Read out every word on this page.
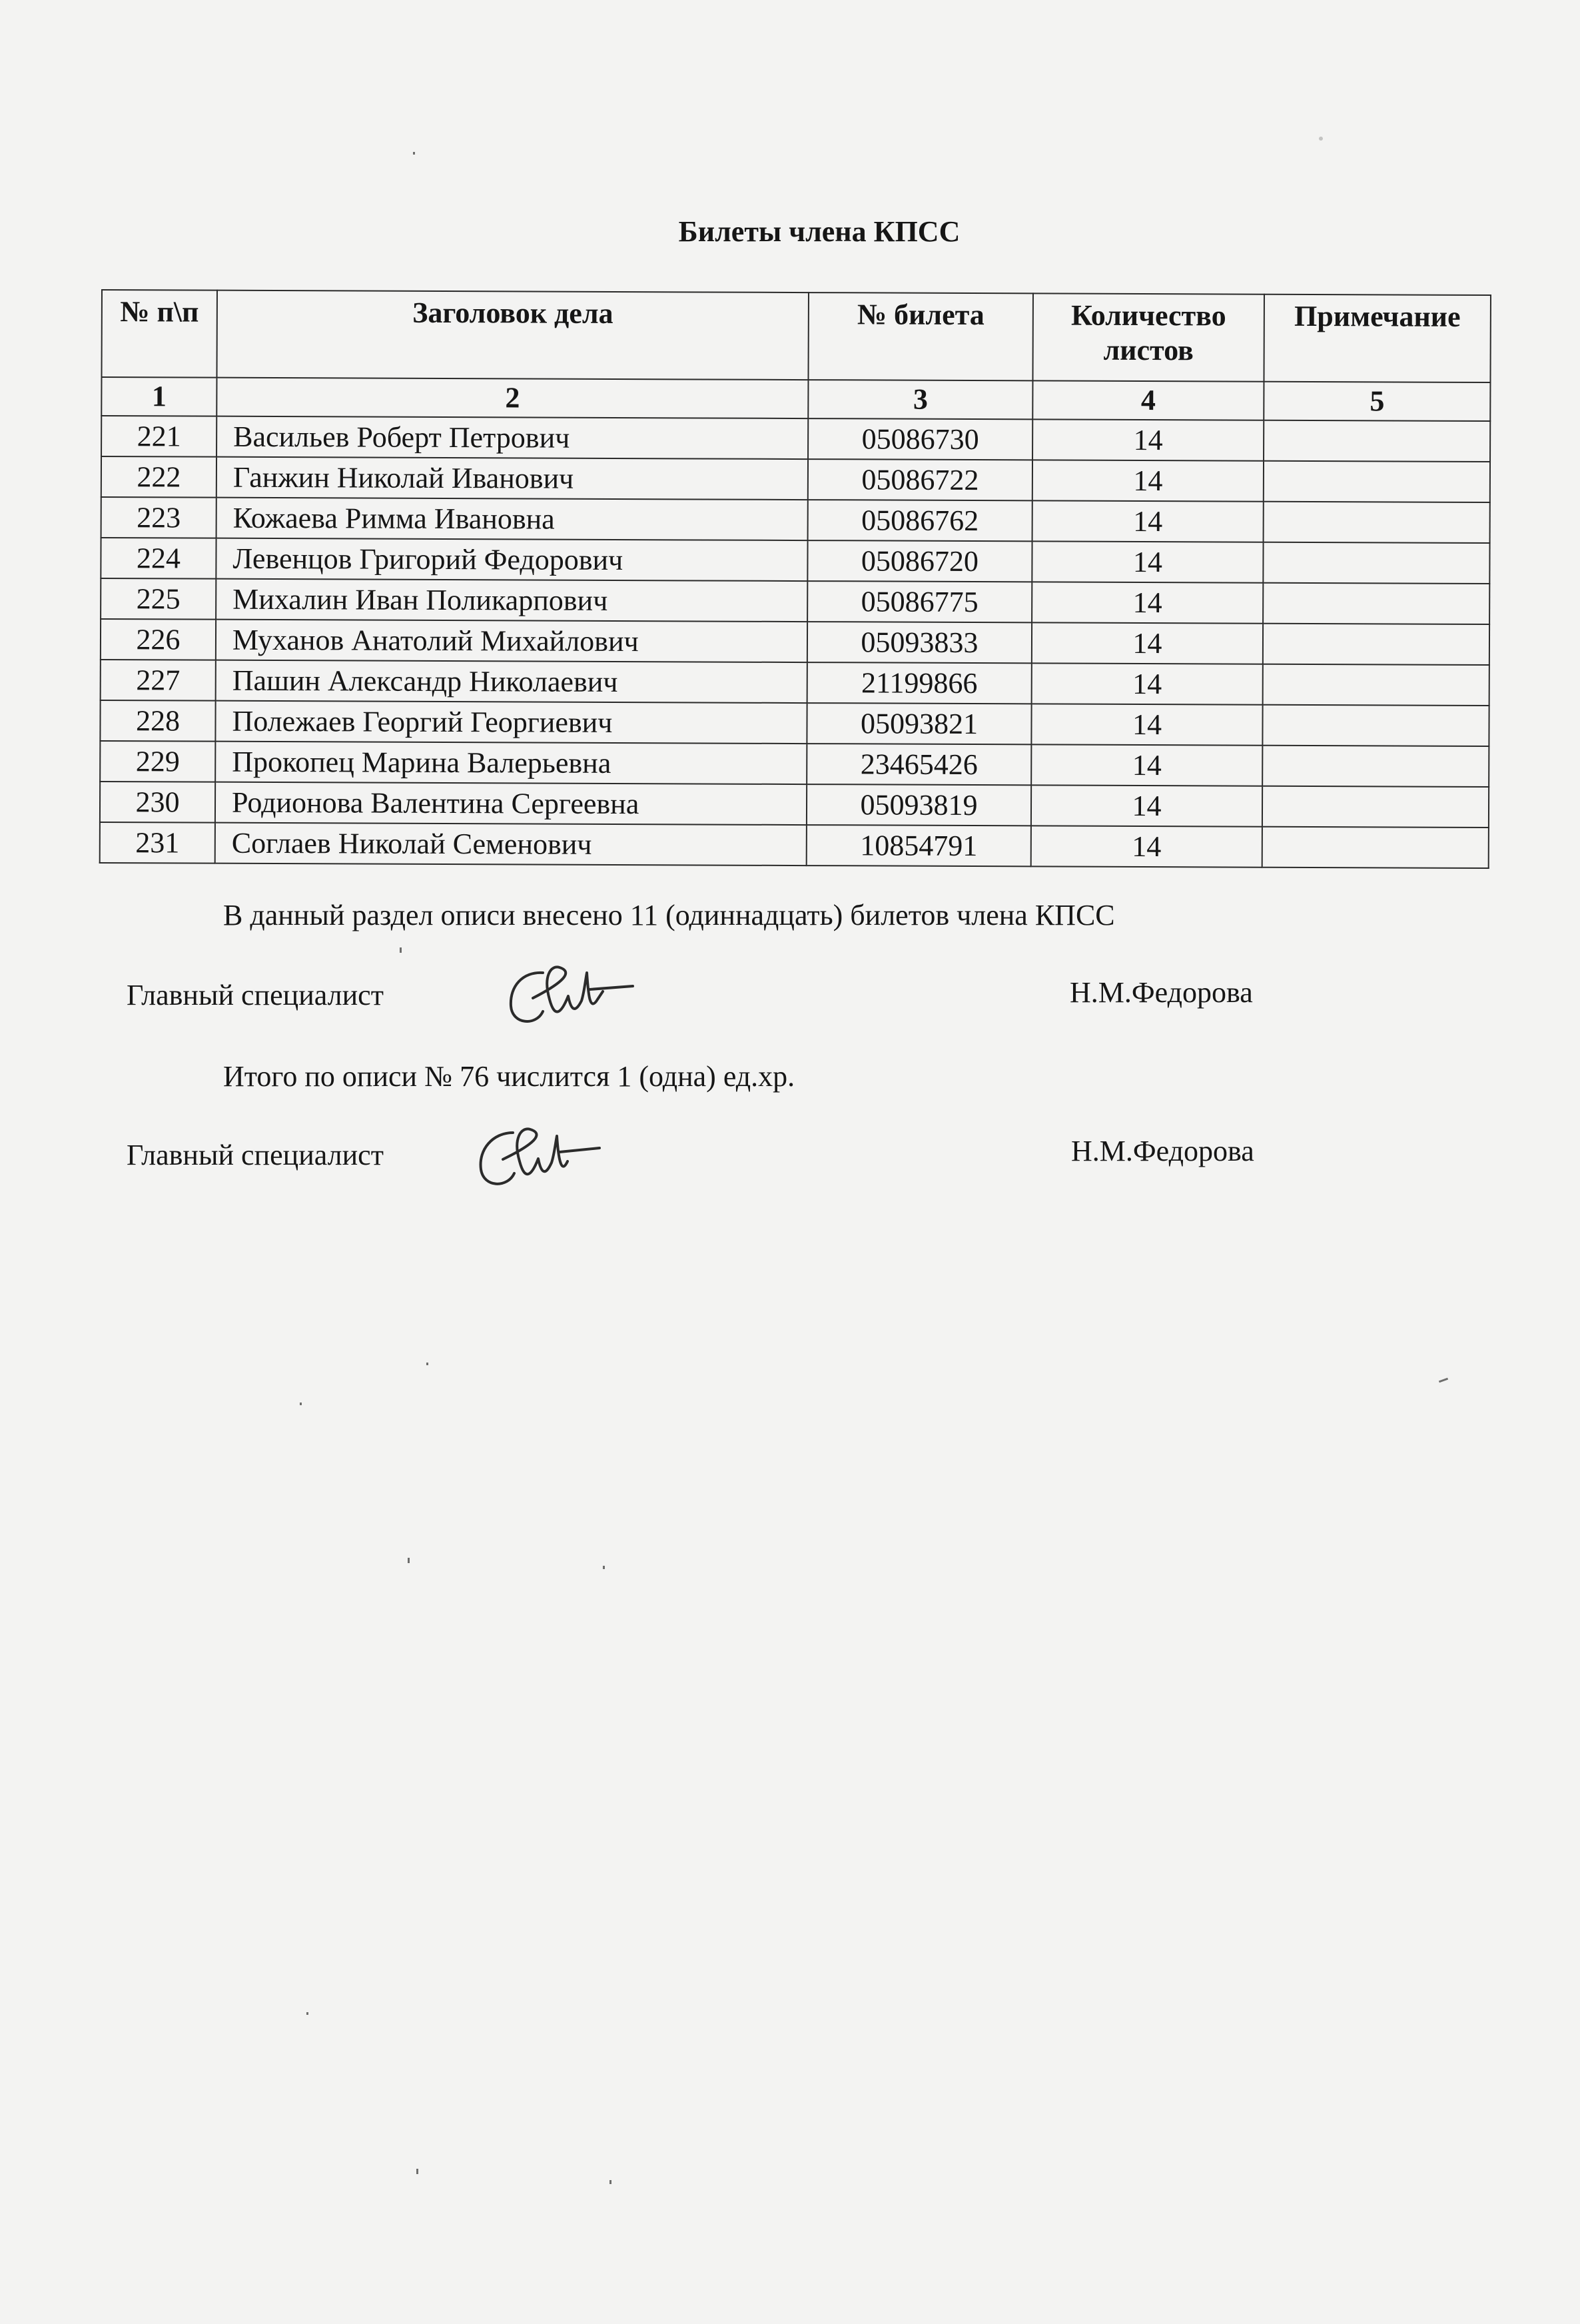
Билеты члена КПСС
№ п\п	Заголовок дела	№ билета	Количество листов	Примечание
1	2	3	4	5
221	Васильев Роберт Петрович	05086730	14	
222	Ганжин Николай Иванович	05086722	14	
223	Кожаева Римма Ивановна	05086762	14	
224	Левенцов Григорий Федорович	05086720	14	
225	Михалин Иван Поликарпович	05086775	14	
226	Муханов Анатолий Михайлович	05093833	14	
227	Пашин Александр Николаевич	21199866	14	
228	Полежаев Георгий Георгиевич	05093821	14	
229	Прокопец Марина Валерьевна	23465426	14	
230	Родионова Валентина Сергеевна	05093819	14	
231	Соглаев Николай Семенович	10854791	14	
В данный раздел описи внесено 11 (одиннадцать) билетов члена КПСС
Главный специалист	Н.М.Федорова
Итого по описи № 76 числится 1 (одна) ед.хр.
Главный специалист	Н.М.Федорова
